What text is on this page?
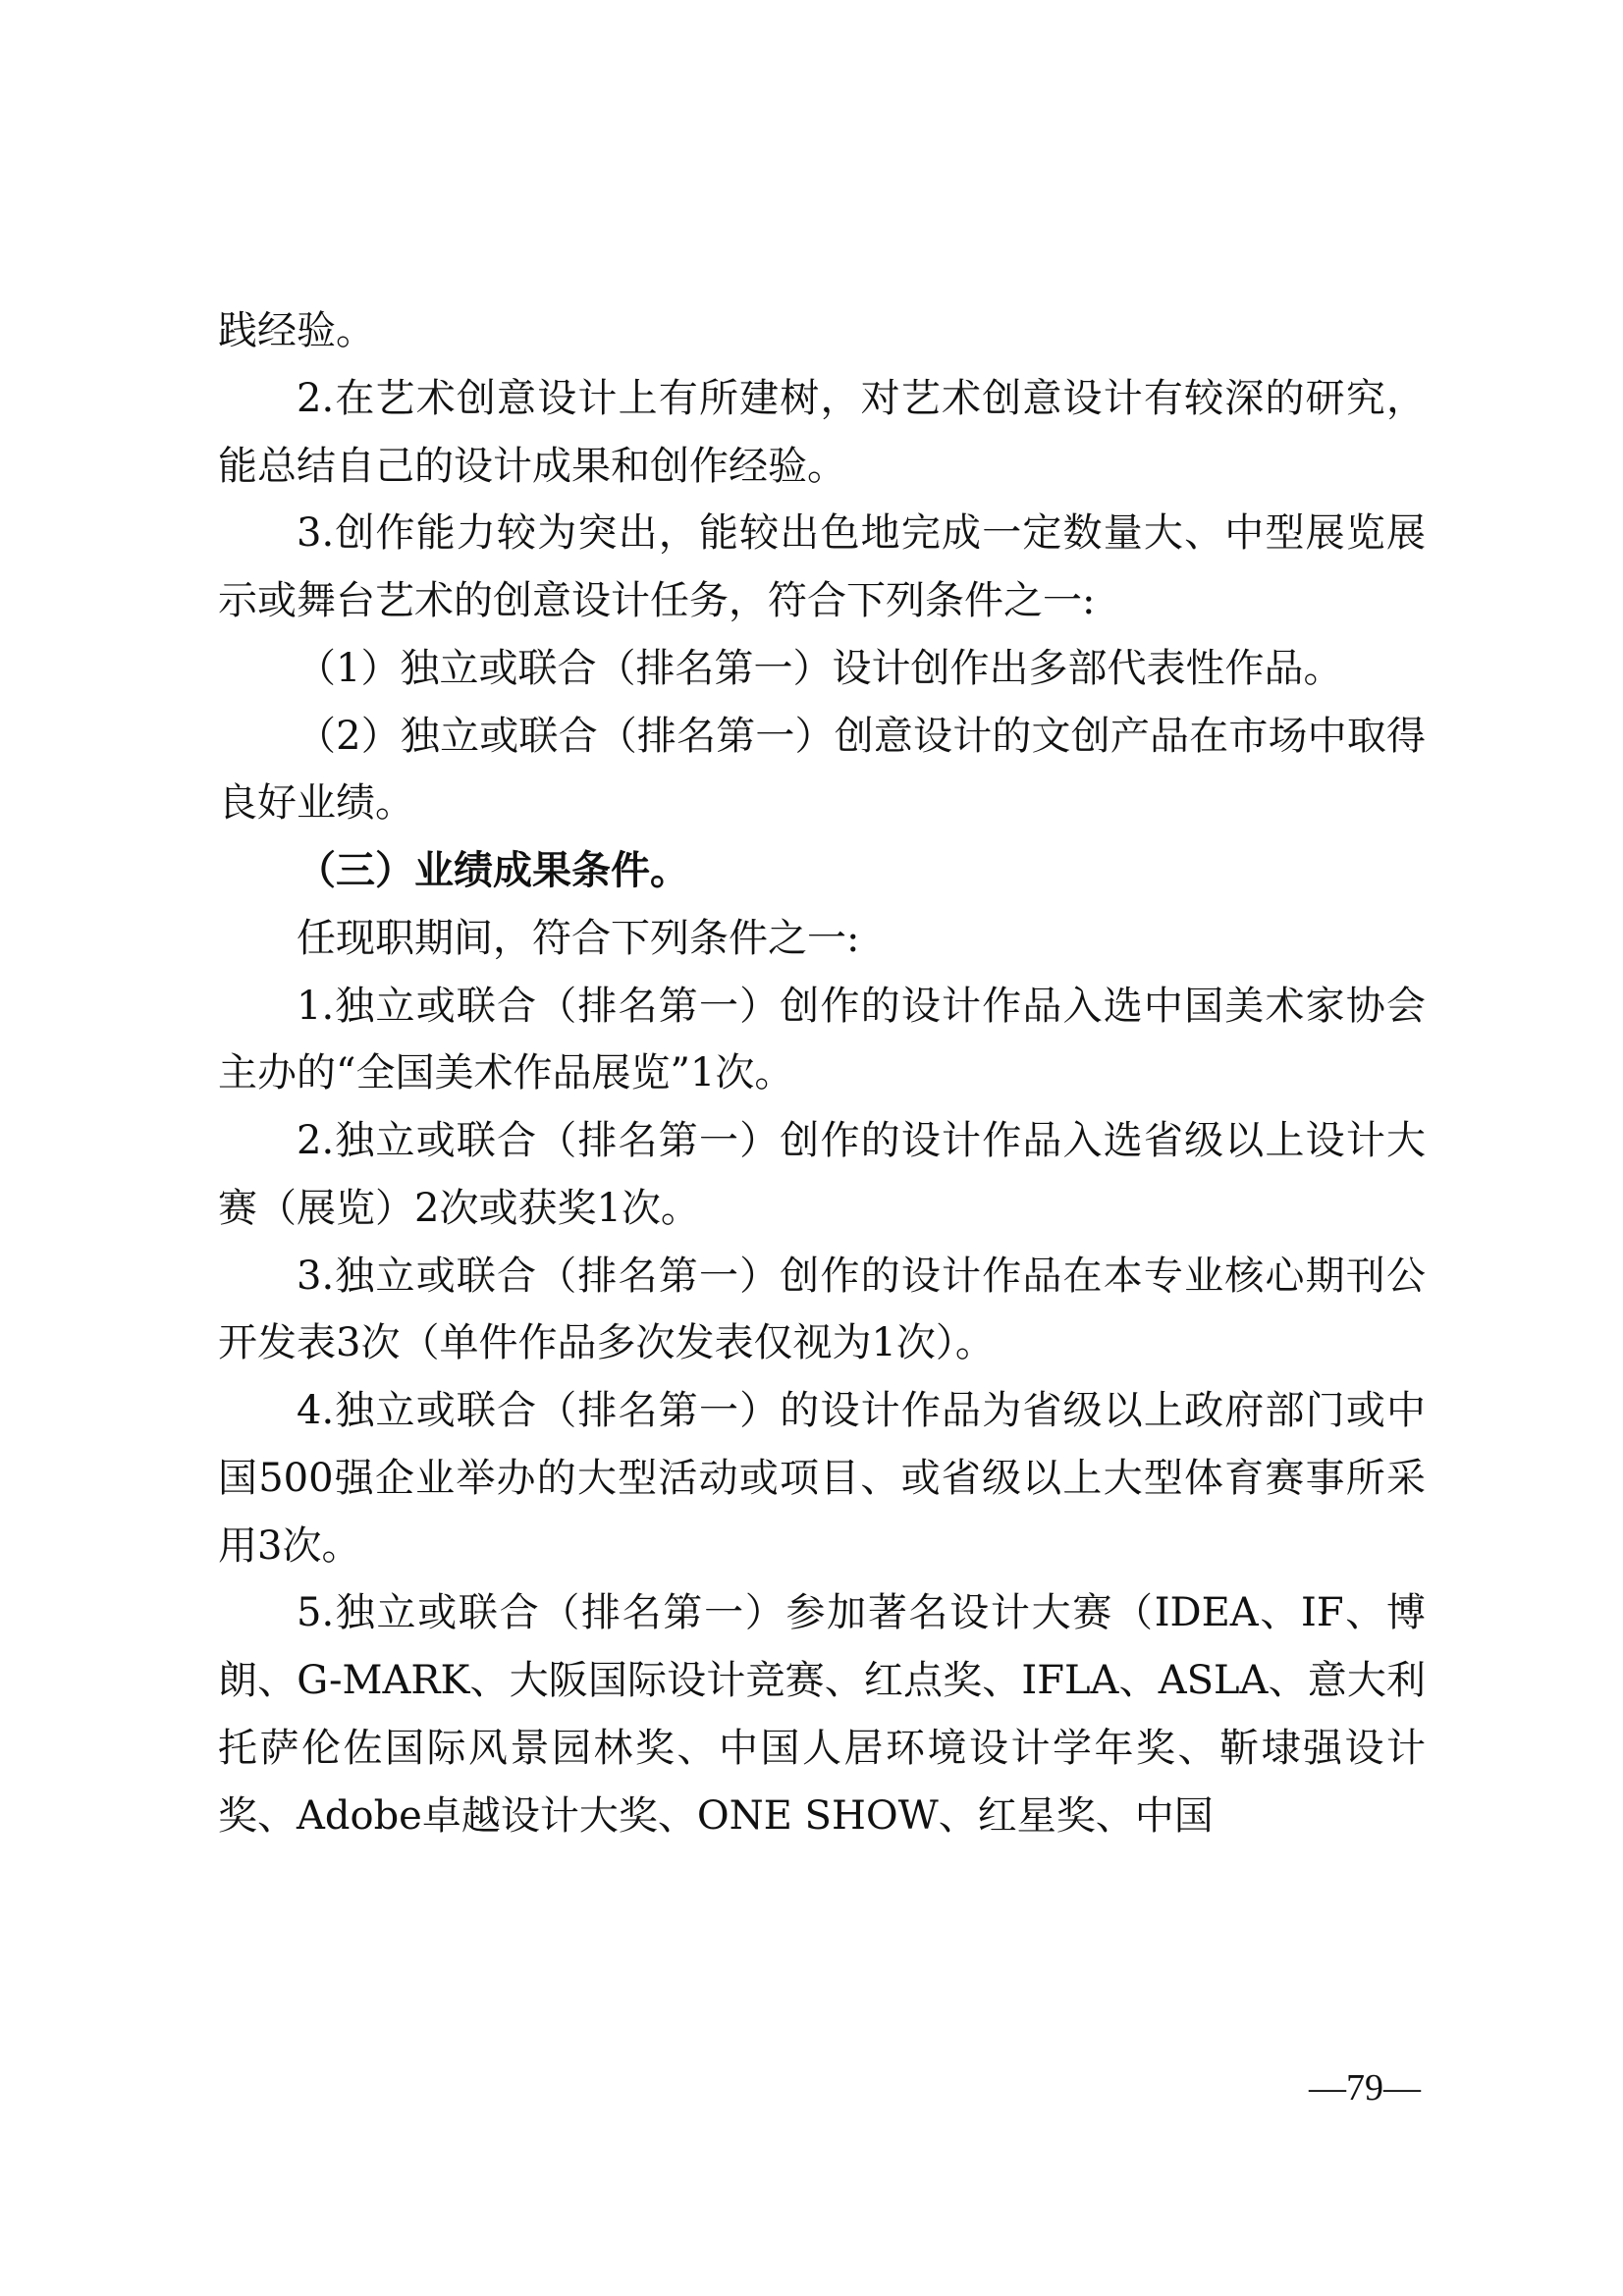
践经验。

2.在艺术创意设计上有所建树，对艺术创意设计有较深的研究，能总结自己的设计成果和创作经验。

3.创作能力较为突出，能较出色地完成一定数量大、中型展览展示或舞台艺术的创意设计任务，符合下列条件之一:

（1）独立或联合（排名第一）设计创作出多部代表性作品。

（2）独立或联合（排名第一）创意设计的文创产品在市场中取得良好业绩。

（三）业绩成果条件。

任现职期间，符合下列条件之一:

1.独立或联合（排名第一）创作的设计作品入选中国美术家协会主办的“全国美术作品展览”1次。

2.独立或联合（排名第一）创作的设计作品入选省级以上设计大赛（展览）2次或获奖1次。

3.独立或联合（排名第一）创作的设计作品在本专业核心期刊公开发表3次（单件作品多次发表仅视为1次）。

4.独立或联合（排名第一）的设计作品为省级以上政府部门或中国500强企业举办的大型活动或项目、或省级以上大型体育赛事所采用3次。

5.独立或联合（排名第一）参加著名设计大赛（IDEA、IF、博朗、G-MARK、大阪国际设计竞赛、红点奖、IFLA、ASLA、意大利托萨伦佐国际风景园林奖、中国人居环境设计学年奖、靳埭强设计奖、Adobe卓越设计大奖、ONE SHOW、红星奖、中国

—79—
